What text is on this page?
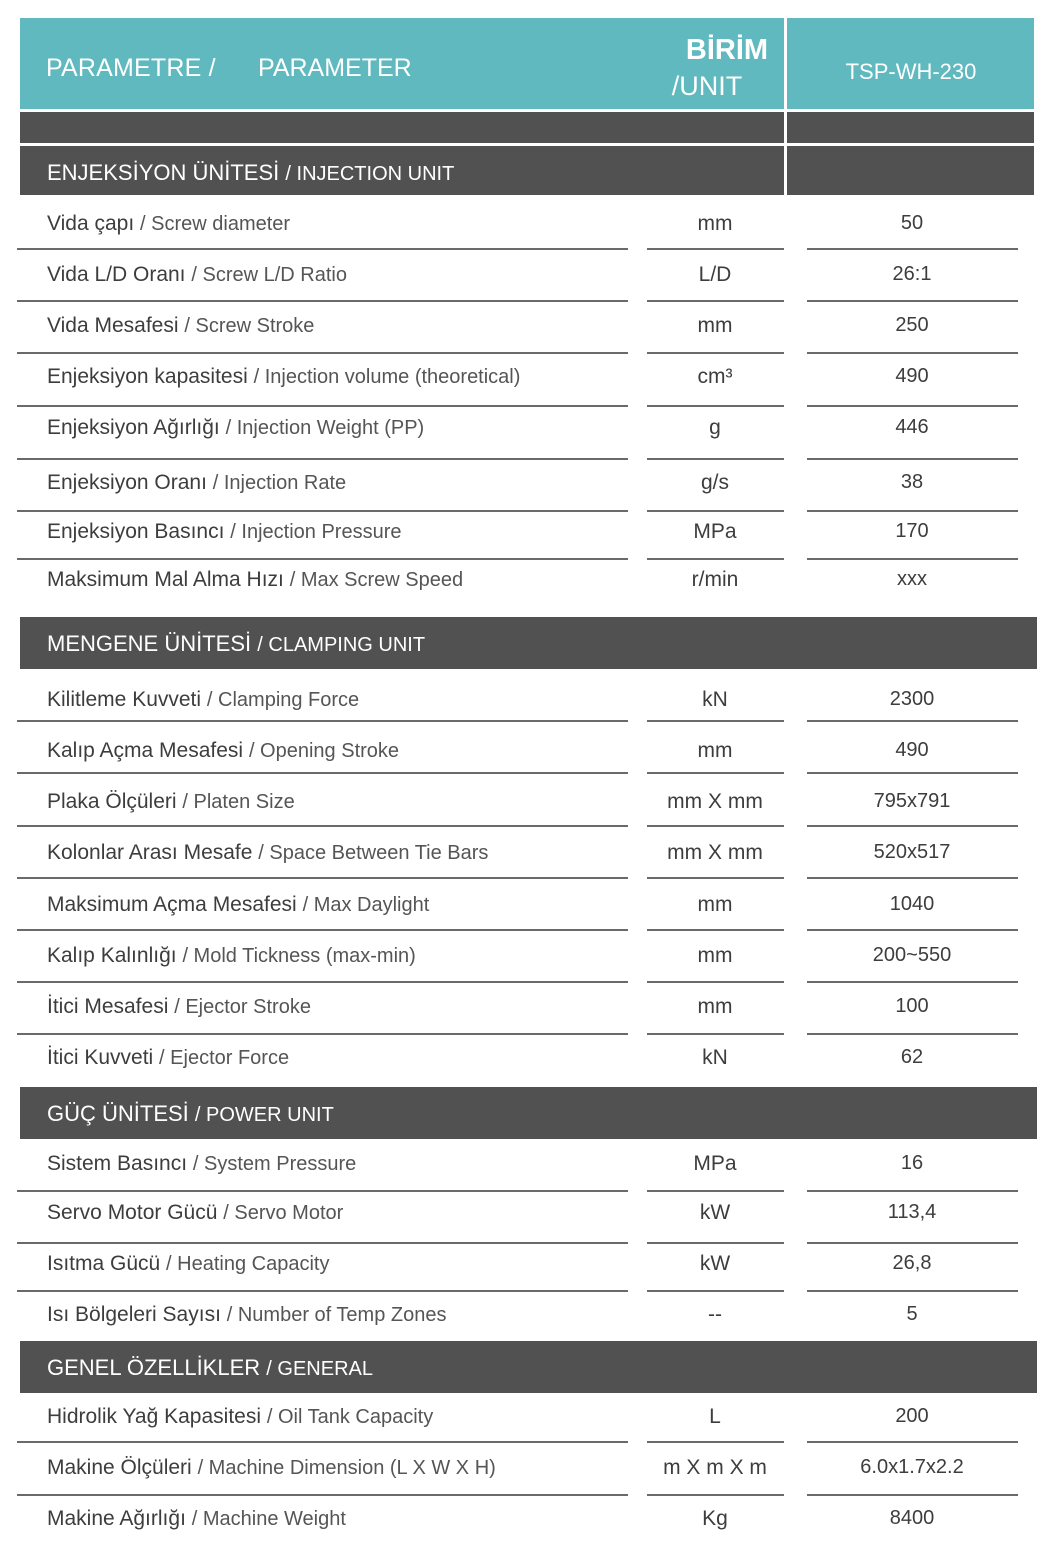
PARAMETRE / PARAMETER
BİRİM
/UNIT	TSP-WH-230
ENJEKSİYON ÜNİTESİ / INJECTION UNIT
Vida çapı / Screw diameter	mm	50
Vida L/D Oranı / Screw L/D Ratio	L/D	26:1
Vida Mesafesi / Screw Stroke	mm	250
Enjeksiyon kapasitesi / Injection volume (theoretical)	cm³	490
Enjeksiyon Ağırlığı / Injection Weight (PP)	g	446
Enjeksiyon Oranı / Injection Rate	g/s	38
Enjeksiyon Basıncı / Injection Pressure	MPa	170
Maksimum Mal Alma Hızı / Max Screw Speed	r/min	xxx
MENGENE ÜNİTESİ / CLAMPING UNIT
Kilitleme Kuvveti / Clamping Force	kN	2300
Kalıp Açma Mesafesi / Opening Stroke	mm	490
Plaka Ölçüleri / Platen Size	mm X mm	795x791
Kolonlar Arası Mesafe / Space Between Tie Bars	mm X mm	520x517
Maksimum Açma Mesafesi / Max Daylight	mm	1040
Kalıp Kalınlığı / Mold Tickness (max-min)	mm	200~550
İtici Mesafesi / Ejector Stroke	mm	100
İtici Kuvveti / Ejector Force	kN	62
GÜÇ ÜNİTESİ / POWER UNIT
Sistem Basıncı / System Pressure	MPa	16
Servo Motor Gücü / Servo Motor	kW	113,4
Isıtma Gücü / Heating Capacity	kW	26,8
Isı Bölgeleri Sayısı / Number of Temp Zones	--	5
GENEL ÖZELLİKLER / GENERAL
Hidrolik Yağ Kapasitesi / Oil Tank Capacity	L	200
Makine Ölçüleri / Machine Dimension (L X W X H)	m X m X m	6.0x1.7x2.2
Makine Ağırlığı / Machine Weight	Kg	8400
